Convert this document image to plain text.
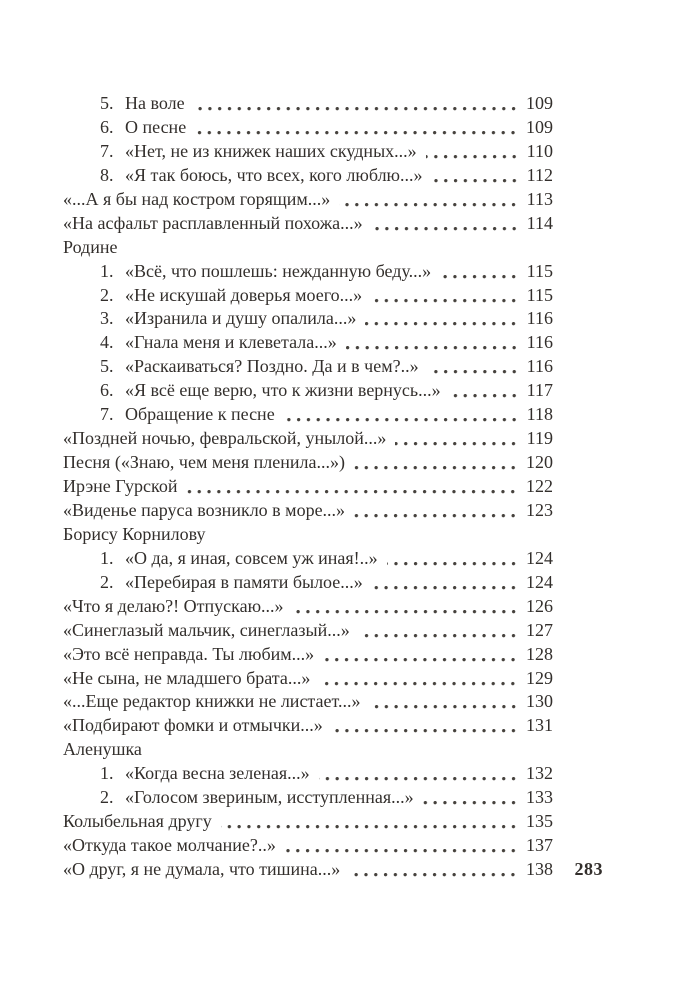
5. На воле	109
6. О песне	109
7. «Нет, не из книжек наших скудных...»	110
8. «Я так боюсь, что всех, кого люблю...»	112
«...А я бы над костром горящим...»	113
«На асфальт расплавленный похожа...»	114
Родине
1. «Всё, что пошлешь: нежданную беду...»	115
2. «Не искушай доверья моего...»	115
3. «Изранила и душу опалила...»	116
4. «Гнала меня и клеветала...»	116
5. «Раскаиваться? Поздно. Да и в чем?..»	116
6. «Я всё еще верю, что к жизни вернусь...»	117
7. Обращение к песне	118
«Поздней ночью, февральской, унылой...»	119
Песня («Знаю, чем меня пленила...»)	120
Ирэне Гурской	122
«Виденье паруса возникло в море...»	123
Борису Корнилову
1. «О да, я иная, совсем уж иная!..»	124
2. «Перебирая в памяти былое...»	124
«Что я делаю?! Отпускаю...»	126
«Синеглазый мальчик, синеглазый...»	127
«Это всё неправда. Ты любим...»	128
«Не сына, не младшего брата...»	129
«...Еще редактор книжки не листает...»	130
«Подбирают фомки и отмычки...»	131
Аленушка
1. «Когда весна зеленая...»	132
2. «Голосом звериным, исступленная...»	133
Колыбельная другу	135
«Откуда такое молчание?..»	137
«О друг, я не думала, что тишина...»	138 283
